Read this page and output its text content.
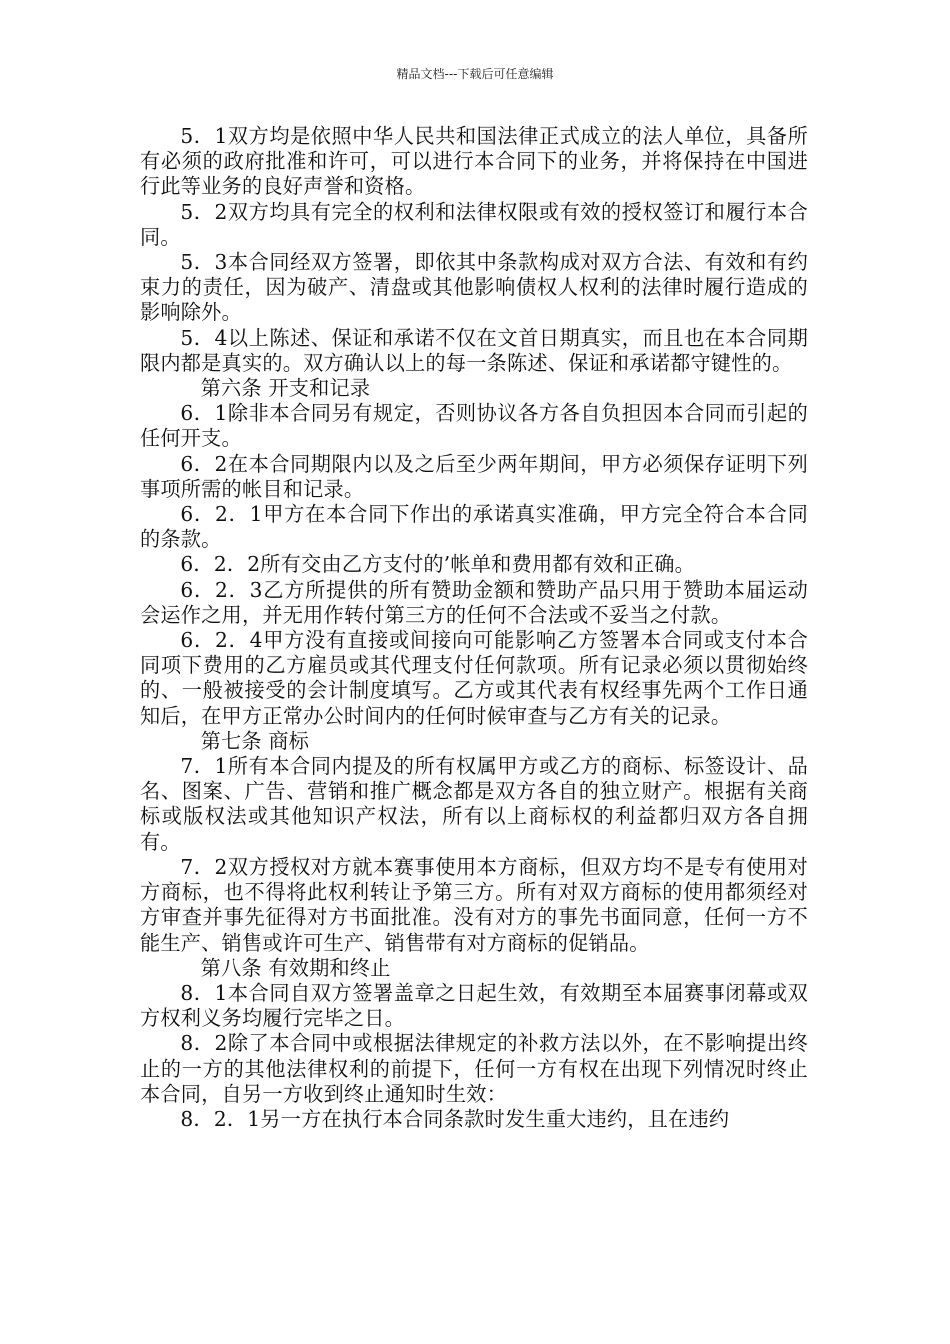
精品文档---下载后可任意编辑

5．1双方均是依照中华人民共和国法律正式成立的法人单位，具备所有必须的政府批准和许可，可以进行本合同下的业务，并将保持在中国进行此等业务的良好声誉和资格。

5．2双方均具有完全的权利和法律权限或有效的授权签订和履行本合同。

5．3本合同经双方签署，即依其中条款构成对双方合法、有效和有约束力的责任，因为破产、清盘或其他影响债权人权利的法律时履行造成的影响除外。

5．4以上陈述、保证和承诺不仅在文首日期真实，而且也在本合同期限内都是真实的。双方确认以上的每一条陈述、保证和承诺都守键性的。

第六条 开支和记录

6．1除非本合同另有规定，否则协议各方各自负担因本合同而引起的任何开支。

6．2在本合同期限内以及之后至少两年期间，甲方必须保存证明下列事项所需的帐目和记录。

6．2．1甲方在本合同下作出的承诺真实准确，甲方完全符合本合同的条款。

6．2．2所有交由乙方支付的’帐单和费用都有效和正确。

6．2．3乙方所提供的所有赞助金额和赞助产品只用于赞助本届运动会运作之用，并无用作转付第三方的任何不合法或不妥当之付款。

6．2．4甲方没有直接或间接向可能影响乙方签署本合同或支付本合同项下费用的乙方雇员或其代理支付任何款项。所有记录必须以贯彻始终的、一般被接受的会计制度填写。乙方或其代表有权经事先两个工作日通知后，在甲方正常办公时间内的任何时候审查与乙方有关的记录。

第七条 商标

7．1所有本合同内提及的所有权属甲方或乙方的商标、标签设计、品名、图案、广告、营销和推广概念都是双方各自的独立财产。根据有关商标或版权法或其他知识产权法，所有以上商标权的利益都归双方各自拥有。

7．2双方授权对方就本赛事使用本方商标，但双方均不是专有使用对方商标，也不得将此权利转让予第三方。所有对双方商标的使用都须经对方审查并事先征得对方书面批准。没有对方的事先书面同意，任何一方不能生产、销售或许可生产、销售带有对方商标的促销品。

第八条 有效期和终止

8．1本合同自双方签署盖章之日起生效，有效期至本届赛事闭幕或双方权利义务均履行完毕之日。

8．2除了本合同中或根据法律规定的补救方法以外，在不影响提出终止的一方的其他法律权利的前提下，任何一方有权在出现下列情况时终止本合同，自另一方收到终止通知时生效：

8．2．1另一方在执行本合同条款时发生重大违约，且在违约
